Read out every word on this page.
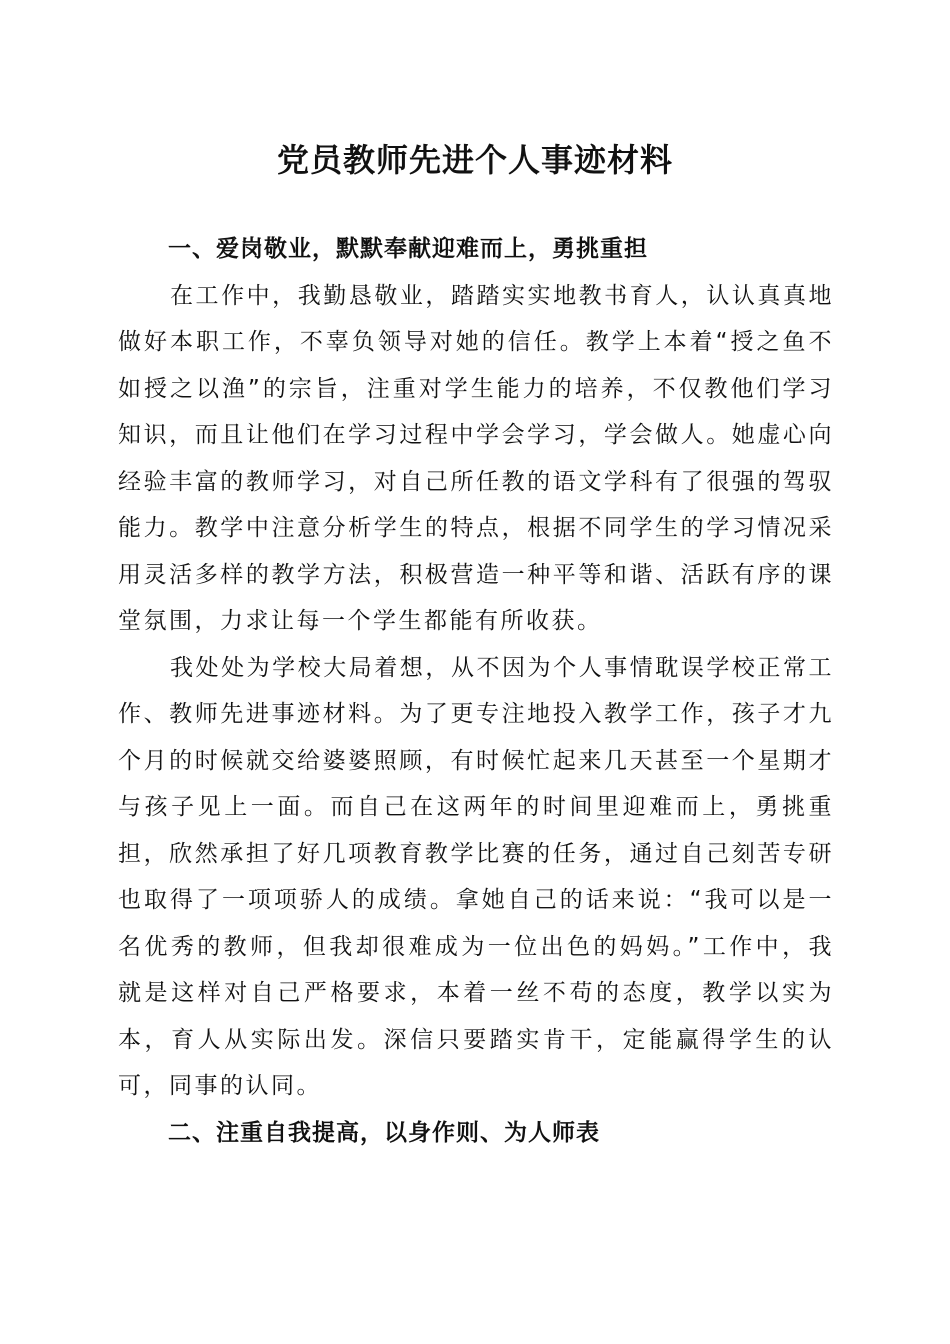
党员教师先进个人事迹材料

一、爱岗敬业，默默奉献迎难而上，勇挑重担

在工作中，我勤恳敬业，踏踏实实地教书育人，认认真真地做好本职工作，不辜负领导对她的信任。教学上本着“授之鱼不如授之以渔”的宗旨，注重对学生能力的培养，不仅教他们学习知识，而且让他们在学习过程中学会学习，学会做人。她虚心向经验丰富的教师学习，对自己所任教的语文学科有了很强的驾驭能力。教学中注意分析学生的特点，根据不同学生的学习情况采用灵活多样的教学方法，积极营造一种平等和谐、活跃有序的课堂氛围，力求让每一个学生都能有所收获。

我处处为学校大局着想，从不因为个人事情耽误学校正常工作、教师先进事迹材料。为了更专注地投入教学工作，孩子才九个月的时候就交给婆婆照顾，有时候忙起来几天甚至一个星期才与孩子见上一面。而自己在这两年的时间里迎难而上，勇挑重担，欣然承担了好几项教育教学比赛的任务，通过自己刻苦专研也取得了一项项骄人的成绩。拿她自己的话来说：“我可以是一名优秀的教师，但我却很难成为一位出色的妈妈。”工作中，我就是这样对自己严格要求，本着一丝不苟的态度，教学以实为本，育人从实际出发。深信只要踏实肯干，定能赢得学生的认可，同事的认同。

二、注重自我提高，以身作则、为人师表
